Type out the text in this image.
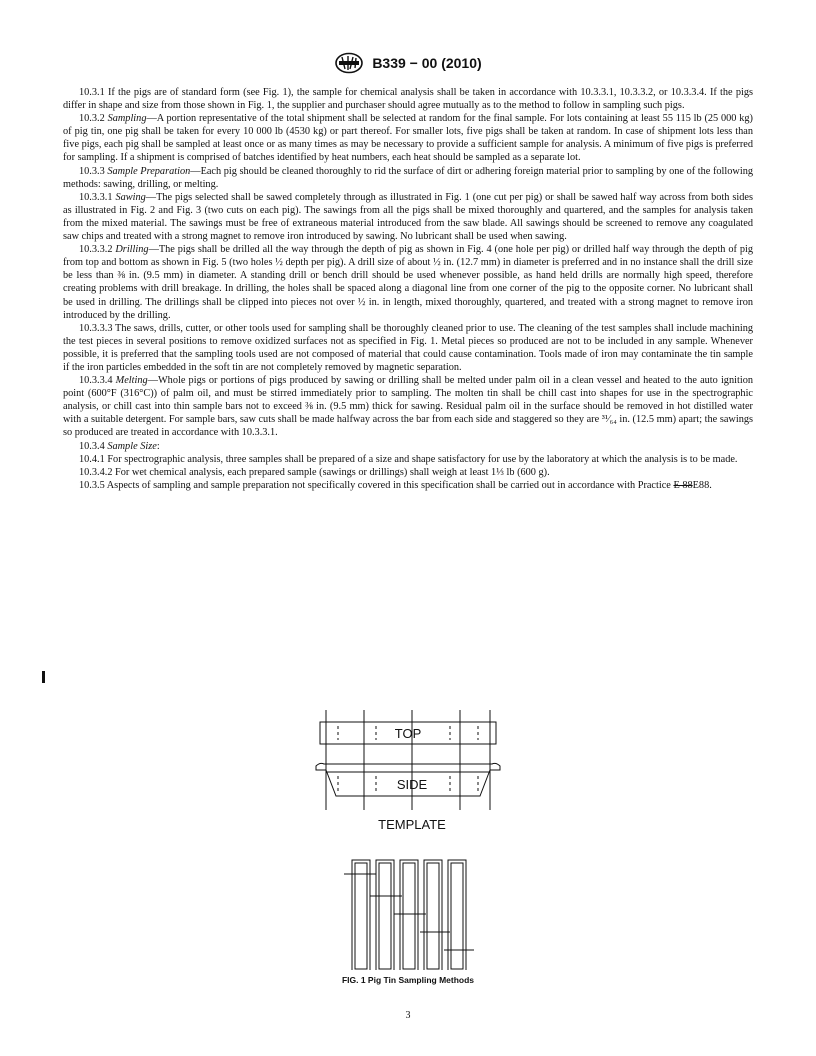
B339 − 00 (2010)

10.3.1 If the pigs are of standard form (see Fig. 1), the sample for chemical analysis shall be taken in accordance with 10.3.3.1, 10.3.3.2, or 10.3.3.4. If the pigs differ in shape and size from those shown in Fig. 1, the supplier and purchaser should agree mutually as to the method to follow in sampling such pigs.

10.3.2 Sampling—A portion representative of the total shipment shall be selected at random for the final sample. For lots containing at least 55 115 lb (25 000 kg) of pig tin, one pig shall be taken for every 10 000 lb (4530 kg) or part thereof. For smaller lots, five pigs shall be taken at random. In case of shipment lots less than five pigs, each pig shall be sampled at least once or as many times as may be necessary to provide a sufficient sample for analysis. A minimum of five pigs is preferred for sampling. If a shipment is comprised of batches identified by heat numbers, each heat should be sampled as a separate lot.

10.3.3 Sample Preparation—Each pig should be cleaned thoroughly to rid the surface of dirt or adhering foreign material prior to sampling by one of the following methods: sawing, drilling, or melting.

10.3.3.1 Sawing—The pigs selected shall be sawed completely through as illustrated in Fig. 1 (one cut per pig) or shall be sawed half way across from both sides as illustrated in Fig. 2 and Fig. 3 (two cuts on each pig). The sawings from all the pigs shall be mixed thoroughly and quartered, and the samples for analysis taken from the mixed material. The sawings must be free of extraneous material introduced from the saw blade. All sawings should be screened to remove any coagulated saw chips and treated with a strong magnet to remove iron introduced by sawing. No lubricant shall be used when sawing.

10.3.3.2 Drilling—The pigs shall be drilled all the way through the depth of pig as shown in Fig. 4 (one hole per pig) or drilled half way through the depth of pig from top and bottom as shown in Fig. 5 (two holes ½ depth per pig). A drill size of about ½ in. (12.7 mm) in diameter is preferred and in no instance shall the drill size be less than ⅜ in. (9.5 mm) in diameter. A standing drill or bench drill should be used whenever possible, as hand held drills are normally high speed, therefore creating problems with drill breakage. In drilling, the holes shall be spaced along a diagonal line from one corner of the pig to the opposite corner. No lubricant shall be used in drilling. The drillings shall be clipped into pieces not over ½ in. in length, mixed thoroughly, quartered, and treated with a strong magnet to remove iron introduced by the drilling.

10.3.3.3 The saws, drills, cutter, or other tools used for sampling shall be thoroughly cleaned prior to use. The cleaning of the test samples shall include machining the test pieces in several positions to remove oxidized surfaces not as specified in Fig. 1. Metal pieces so produced are not to be included in any sample. Whenever possible, it is preferred that the sampling tools used are not composed of material that could cause contamination. Tools made of iron may contaminate the tin sample if the iron particles embedded in the soft tin are not completely removed by magnetic separation.

10.3.3.4 Melting—Whole pigs or portions of pigs produced by sawing or drilling shall be melted under palm oil in a clean vessel and heated to the auto ignition point (600°F (316°C)) of palm oil, and must be stirred immediately prior to sampling. The molten tin shall be chill cast into shapes for use in the spectrographic analysis, or chill cast into thin sample bars not to exceed ⅜ in. (9.5 mm) thick for sawing. Residual palm oil in the surface should be removed in hot distilled water with a suitable detergent. For sample bars, saw cuts shall be made halfway across the bar from each side and staggered so they are ³¹⁄₆₄ in. (12.5 mm) apart; the sawings so produced are treated in accordance with 10.3.3.1.

10.3.4 Sample Size:

10.4.1 For spectrographic analysis, three samples shall be prepared of a size and shape satisfactory for use by the laboratory at which the analysis is to be made.

10.3.4.2 For wet chemical analysis, each prepared sample (sawings or drillings) shall weigh at least 1⅓ lb (600 g).

10.3.5 Aspects of sampling and sample preparation not specifically covered in this specification shall be carried out in accordance with Practice E 88E88.

TOP
SIDE
TEMPLATE
FIG. 1 Pig Tin Sampling Methods
3
